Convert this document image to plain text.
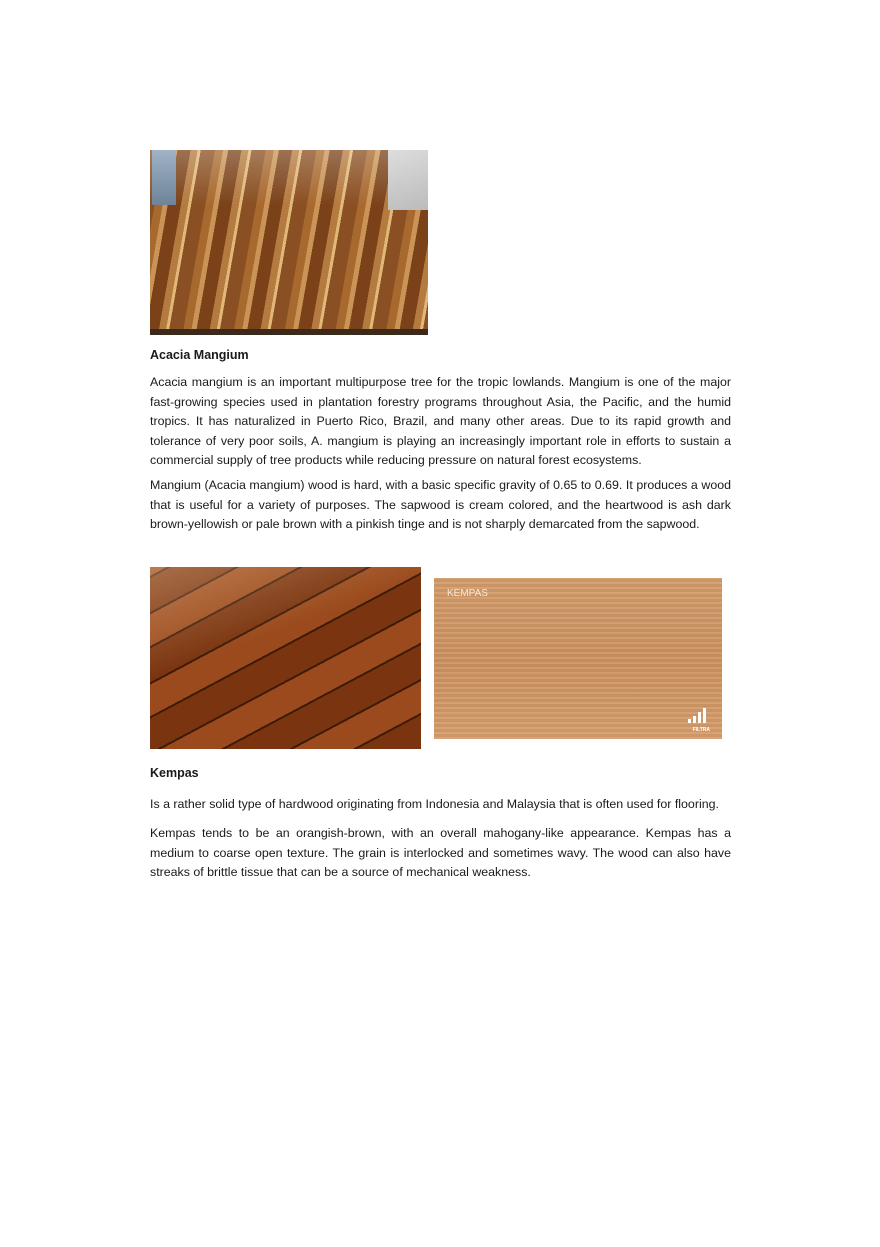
Acacia Mangium

Acacia mangium is an important multipurpose tree for the tropic lowlands. Mangium is one of the major fast-growing species used in plantation forestry programs throughout Asia, the Pacific, and the humid tropics. It has naturalized in Puerto Rico, Brazil, and many other areas. Due to its rapid growth and tolerance of very poor soils, A. mangium is playing an increasingly important role in efforts to sustain a commercial supply of tree products while reducing pressure on natural forest ecosystems.

Mangium (Acacia mangium) wood is hard, with a basic specific gravity of 0.65 to 0.69. It produces a wood that is useful for a variety of purposes. The sapwood is cream colored, and the heartwood is ash dark brown-yellowish or pale brown with a pinkish tinge and is not sharply demarcated from the sapwood.

KEMPAS
FILTRA
Kempas

Is a rather solid type of hardwood originating from Indonesia and Malaysia that is often used for flooring.

Kempas tends to be an orangish-brown, with an overall mahogany-like appearance. Kempas has a medium to coarse open texture. The grain is interlocked and sometimes wavy. The wood can also have streaks of brittle tissue that can be a source of mechanical weakness.
